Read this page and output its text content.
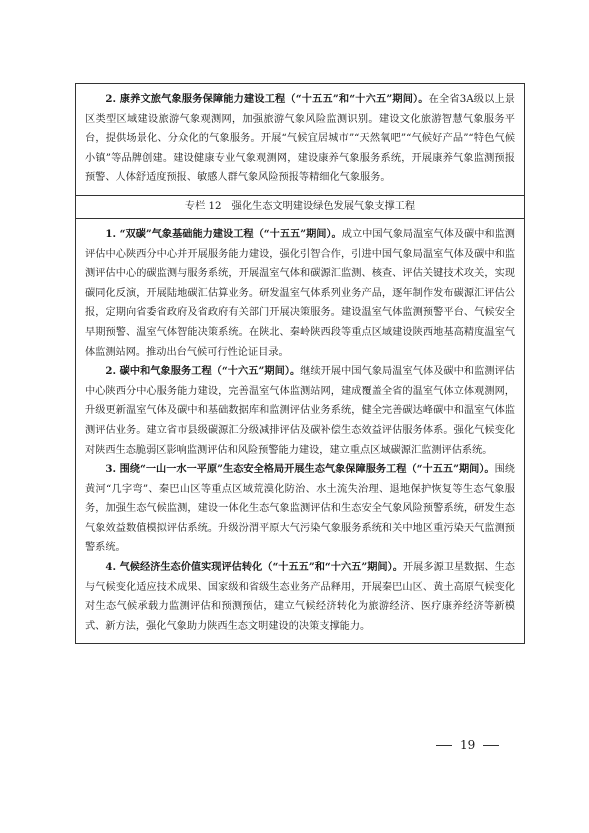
2. 康养文旅气象服务保障能力建设工程（“十五五”和“十六五”期间）。在全省3A级以上景区类型区域建设旅游气象观测网，加强旅游气象风险监测识别。建设文化旅游智慧气象服务平台，提供场景化、分众化的气象服务。开展“气候宜居城市”“天然氧吧”“气候好产品”“特色气候小镇”等品牌创建。建设健康专业气象观测网，建设康养气象服务系统，开展康养气象监测预报预警、人体舒适度预报、敏感人群气象风险预报等精细化气象服务。

专栏 12　强化生态文明建设绿色发展气象支撑工程

1. “双碳”气象基础能力建设工程（“十五五”期间）。成立中国气象局温室气体及碳中和监测评估中心陕西分中心并开展服务能力建设，强化引智合作，引进中国气象局温室气体及碳中和监测评估中心的碳监测与服务系统，开展温室气体和碳源汇监测、核查、评估关键技术攻关，实现碳同化反演，开展陆地碳汇估算业务。研发温室气体系列业务产品，逐年制作发布碳源汇评估公报，定期向省委省政府及省政府有关部门开展决策服务。建设温室气体监测预警平台、气候安全早期预警、温室气体智能决策系统。在陕北、秦岭陕西段等重点区域建设陕西地基高精度温室气体监测站网。推动出台气候可行性论证目录。

2. 碳中和气象服务工程（“十六五”期间）。继续开展中国气象局温室气体及碳中和监测评估中心陕西分中心服务能力建设，完善温室气体监测站网，建成覆盖全省的温室气体立体观测网，升级更新温室气体及碳中和基础数据库和监测评估业务系统，健全完善碳达峰碳中和温室气体监测评估业务。建立省市县级碳源汇分级减排评估及碳补偿生态效益评估服务体系。强化气候变化对陕西生态脆弱区影响监测评估和风险预警能力建设，建立重点区域碳源汇监测评估系统。

3. 围绕“一山一水一平原”生态安全格局开展生态气象保障服务工程（“十五五”期间）。围绕黄河“几字弯”、秦巴山区等重点区域荒漠化防治、水土流失治理、退地保护恢复等生态气象服务，加强生态气候监测，建设一体化生态气象监测评估和生态安全气象风险预警系统，研发生态气象效益数值模拟评估系统。升级汾渭平原大气污染气象服务系统和关中地区重污染天气监测预警系统。

4. 气候经济生态价值实现评估转化（“十五五”和“十六五”期间）。开展多源卫星数据、生态与气候变化适应技术成果、国家级和省级生态业务产品释用，开展秦巴山区、黄土高原气候变化对生态气候承载力监测评估和预测预估，建立气候经济转化为旅游经济、医疗康养经济等新模式、新方法，强化气象助力陕西生态文明建设的决策支撑能力。

19
